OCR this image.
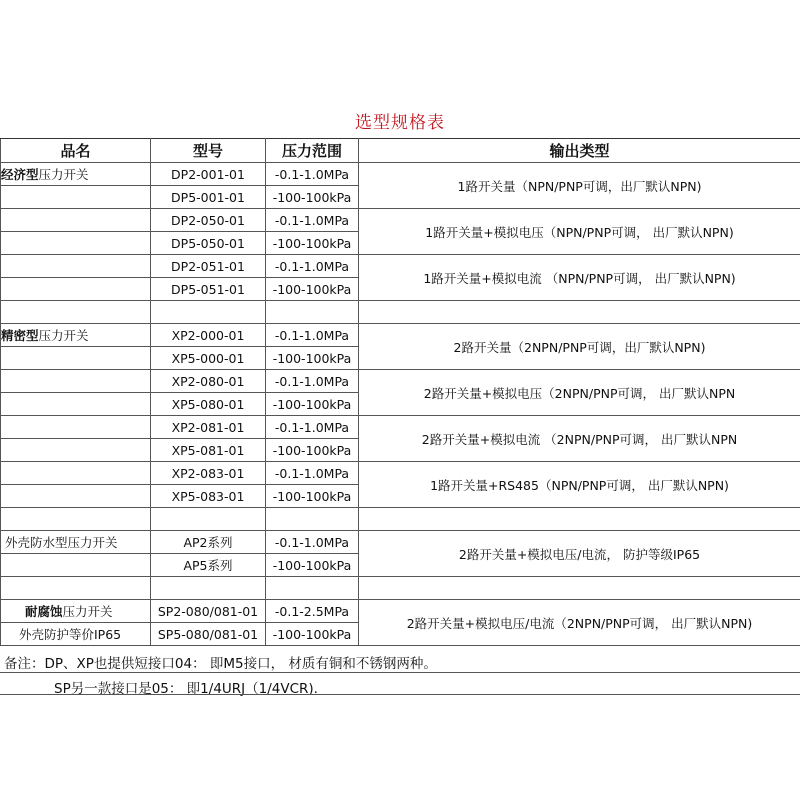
选型规格表
品名	型号	压力范围	输出类型
经济型压力开关	DP2-001-01	-0.1-1.0MPa	1路开关量（NPN/PNP可调，出厂默认NPN)
	DP5-001-01	-100-100kPa	
	DP2-050-01	-0.1-1.0MPa	1路开关量+模拟电压（NPN/PNP可调， 出厂默认NPN)
	DP5-050-01	-100-100kPa	
	DP2-051-01	-0.1-1.0MPa	1路开关量+模拟电流 （NPN/PNP可调， 出厂默认NPN)
	DP5-051-01	-100-100kPa	

精密型压力开关	XP2-000-01	-0.1-1.0MPa	2路开关量（2NPN/PNP可调，出厂默认NPN)
	XP5-000-01	-100-100kPa	
	XP2-080-01	-0.1-1.0MPa	2路开关量+模拟电压（2NPN/PNP可调， 出厂默认NPN
	XP5-080-01	-100-100kPa	
	XP2-081-01	-0.1-1.0MPa	2路开关量+模拟电流 （2NPN/PNP可调， 出厂默认NPN
	XP5-081-01	-100-100kPa	
	XP2-083-01	-0.1-1.0MPa	1路开关量+RS485（NPN/PNP可调， 出厂默认NPN)
	XP5-083-01	-100-100kPa	

外壳防水型压力开关	AP2系列	-0.1-1.0MPa	2路开关量+模拟电压/电流， 防护等级IP65
	AP5系列	-100-100kPa	

耐腐蚀压力开关	SP2-080/081-01	-0.1-2.5MPa	2路开关量+模拟电压/电流（2NPN/PNP可调， 出厂默认NPN)
外壳防护等价IP65	SP5-080/081-01	-100-100kPa	
备注：DP、XP也提供短接口04： 即M5接口， 材质有铜和不锈钢两种。
SP另一款接口是05： 即1/4URJ（1/4VCR).
